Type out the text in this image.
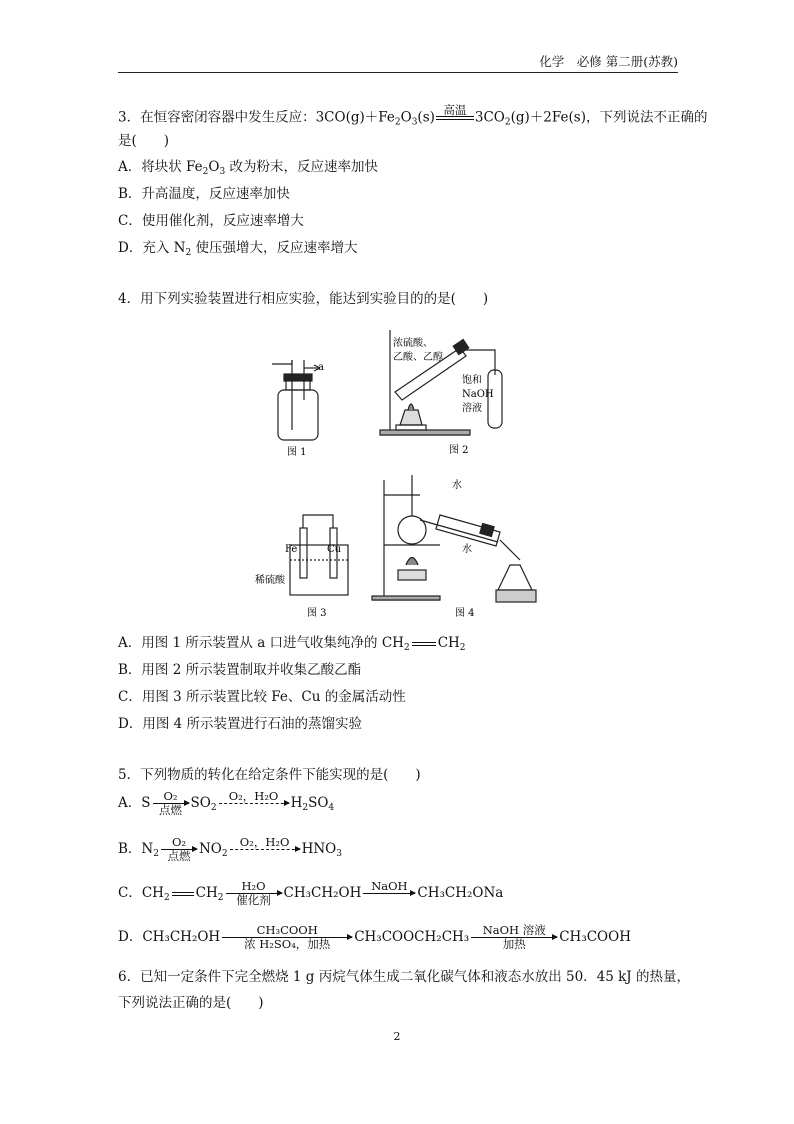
化学　必修 第二册(苏教)
3．在恒容密闭容器中发生反应：$3CO(g)+Fe_2O_3(s)$ 高温 $3CO_2(g)+2Fe(s)$，下列说法不正确的
是(　　)
A．将块状 $Fe_2O_3$ 改为粉末，反应速率加快
B．升高温度，反应速率加快
C．使用催化剂，反应速率增大
D．充入 $N_2$ 使压强增大，反应速率增大
4．用下列实验装置进行相应实验，能达到实验目的的是(　　)
a
图 1
浓硫酸、
乙酸、乙醇
饱和
NaOH
溶液
图 2
Fe	Cu
稀硫酸
图 3
水
水
图 4
A．用图 1 所示装置从 a 口进气收集纯净的 $CH_2$ $CH_2$
B．用图 2 所示装置制取并收集乙酸乙酯
C．用图 3 所示装置比较 Fe、Cu 的金属活动性
D．用图 4 所示装置进行石油的蒸馏实验
5．下列物质的转化在给定条件下能实现的是(　　)
A．S	O₂
点燃 $SO_2$
O₂，H₂O $H_2SO_4$
B．$N_2$
O₂
点燃 $NO_2$
O₂，H₂O $HNO_3$
C．$CH_2$ $CH_2$
H₂O
催化剂 CH₃CH₂OH NaOH CH₃CH₂ONa
D．CH₃CH₂OH	CH₃COOH
浓 H₂SO₄，加热	CH₃COOCH₂CH₃	NaOH 溶液
加热	CH₃COOH
6．已知一定条件下完全燃烧 1 g 丙烷气体生成二氧化碳气体和液态水放出 50．45 kJ 的热量，
下列说法正确的是(　　)
2
